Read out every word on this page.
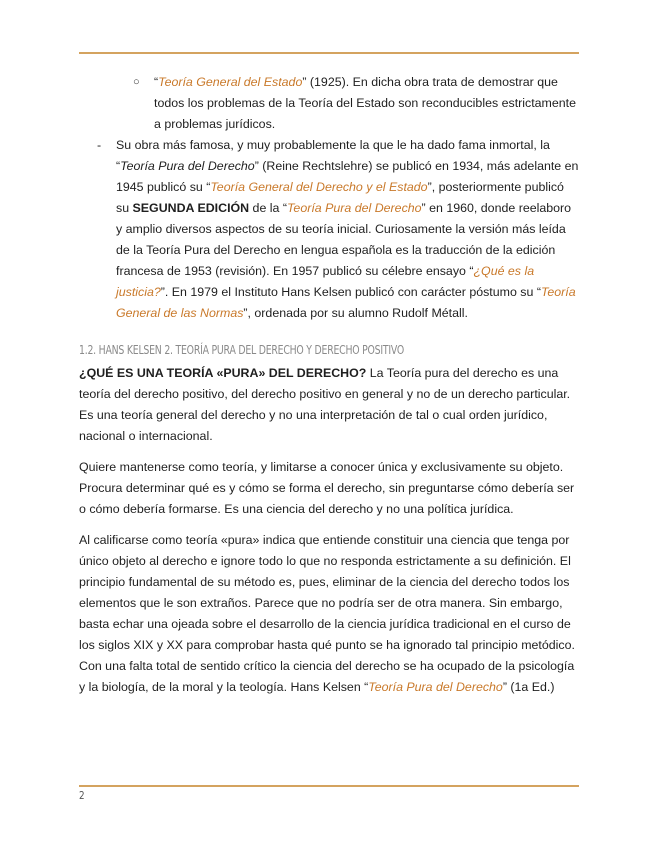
○ “Teoría General del Estado” (1925). En dicha obra trata de demostrar que todos los problemas de la Teoría del Estado son reconducibles estrictamente a problemas jurídicos.

- Su obra más famosa, y muy probablemente la que le ha dado fama inmortal, la “Teoría Pura del Derecho” (Reine Rechtslehre) se publicó en 1934, más adelante en 1945 publicó su “Teoría General del Derecho y el Estado”, posteriormente publicó su SEGUNDA EDICIÓN de la “Teoría Pura del Derecho” en 1960, donde reelaboro y amplio diversos aspectos de su teoría inicial. Curiosamente la versión más leída de la Teoría Pura del Derecho en lengua española es la traducción de la edición francesa de 1953 (revisión). En 1957 publicó su célebre ensayo “¿Qué es la justicia?”. En 1979 el Instituto Hans Kelsen publicó con carácter póstumo su “Teoría General de las Normas”, ordenada por su alumno Rudolf Métall.

1.2. HANS KELSEN 2. TEORÍA PURA DEL DERECHO Y DERECHO POSITIVO

¿QUÉ ES UNA TEORÍA «PURA» DEL DERECHO? La Teoría pura del derecho es una teoría del derecho positivo, del derecho positivo en general y no de un derecho particular. Es una teoría general del derecho y no una interpretación de tal o cual orden jurídico, nacional o internacional.

Quiere mantenerse como teoría, y limitarse a conocer única y exclusivamente su objeto. Procura determinar qué es y cómo se forma el derecho, sin preguntarse cómo debería ser o cómo debería formarse. Es una ciencia del derecho y no una política jurídica.

Al calificarse como teoría «pura» indica que entiende constituir una ciencia que tenga por único objeto al derecho e ignore todo lo que no responda estrictamente a su definición. El principio fundamental de su método es, pues, eliminar de la ciencia del derecho todos los elementos que le son extraños. Parece que no podría ser de otra manera. Sin embargo, basta echar una ojeada sobre el desarrollo de la ciencia jurídica tradicional en el curso de los siglos XIX y XX para comprobar hasta qué punto se ha ignorado tal principio metódico. Con una falta total de sentido crítico la ciencia del derecho se ha ocupado de la psicología y la biología, de la moral y la teología. Hans Kelsen “Teoría Pura del Derecho” (1a Ed.)

2
